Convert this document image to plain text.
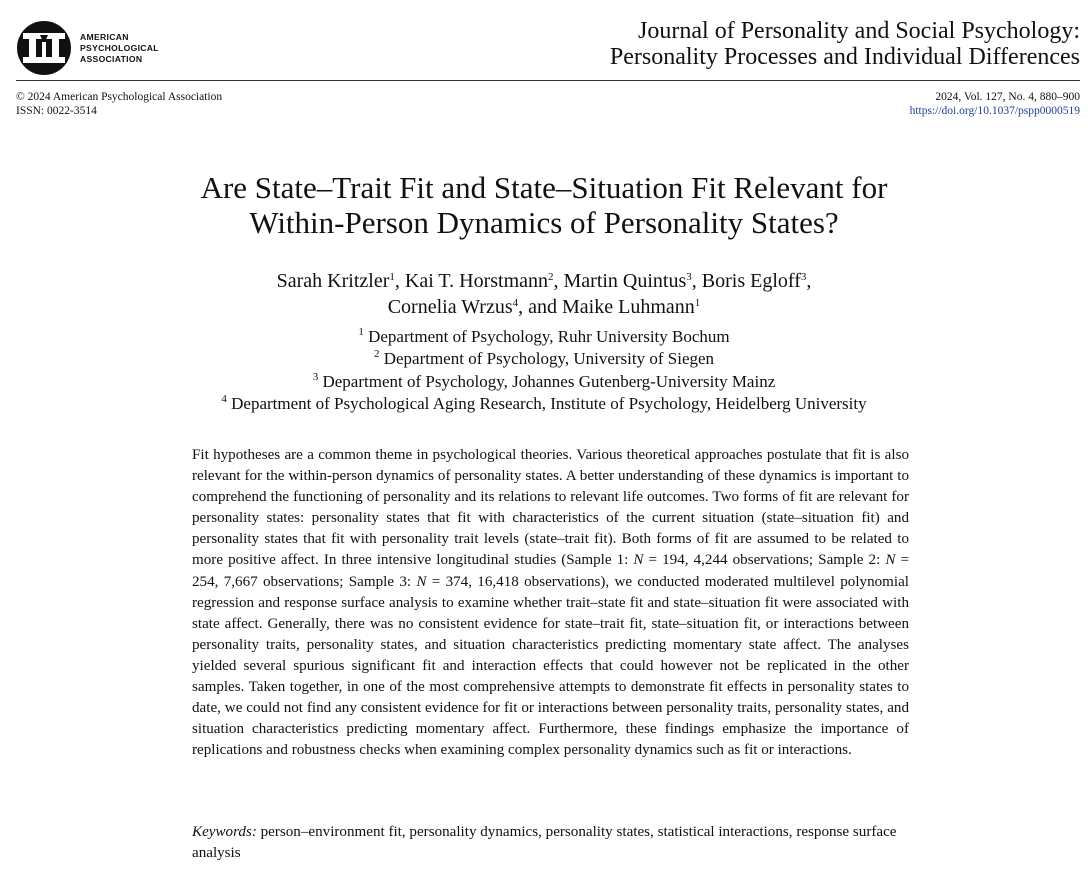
AMERICAN
PSYCHOLOGICAL
ASSOCIATION
Journal of Personality and Social Psychology:
Personality Processes and Individual Differences
© 2024 American Psychological Association
ISSN: 0022-3514
2024, Vol. 127, No. 4, 880–900
https://doi.org/10.1037/pspp0000519
Are State–Trait Fit and State–Situation Fit Relevant for
Within-Person Dynamics of Personality States?
Sarah Kritzler$^1$, Kai T. Horstmann$^2$, Martin Quintus$^3$, Boris Egloff$^3$,
Cornelia Wrzus$^4$, and Maike Luhmann$^1$
$^1$ Department of Psychology, Ruhr University Bochum
$^2$ Department of Psychology, University of Siegen
$^3$ Department of Psychology, Johannes Gutenberg-University Mainz
$^4$ Department of Psychological Aging Research, Institute of Psychology, Heidelberg University

Fit hypotheses are a common theme in psychological theories. Various theoretical approaches postulate that fit is also relevant for the within-person dynamics of personality states. A better understanding of these dynamics is important to comprehend the functioning of personality and its relations to relevant life outcomes. Two forms of fit are relevant for personality states: personality states that fit with characteristics of the current situation (state–situation fit) and personality states that fit with personality trait levels (state–trait fit). Both forms of fit are assumed to be related to more positive affect. In three intensive longitudinal studies (Sample 1: N = 194, 4,244 observations; Sample 2: N = 254, 7,667 observations; Sample 3: N = 374, 16,418 observations), we conducted moderated multilevel polynomial regression and response surface analysis to examine whether trait–state fit and state–situation fit were associated with state affect. Generally, there was no consistent evidence for state–trait fit, state–situation fit, or interactions between personality traits, personality states, and situation characteristics predicting momentary state affect. The analyses yielded several spurious significant fit and interaction effects that could however not be replicated in the other samples. Taken together, in one of the most comprehensive attempts to demonstrate fit effects in personality states to date, we could not find any consistent evidence for fit or interactions between personality traits, personality states, and situation characteristics predicting momentary affect. Furthermore, these findings emphasize the importance of replications and robustness checks when examining complex personality dynamics such as fit or interactions.

Keywords: person–environment fit, personality dynamics, personality states, statistical interactions, response surface analysis
